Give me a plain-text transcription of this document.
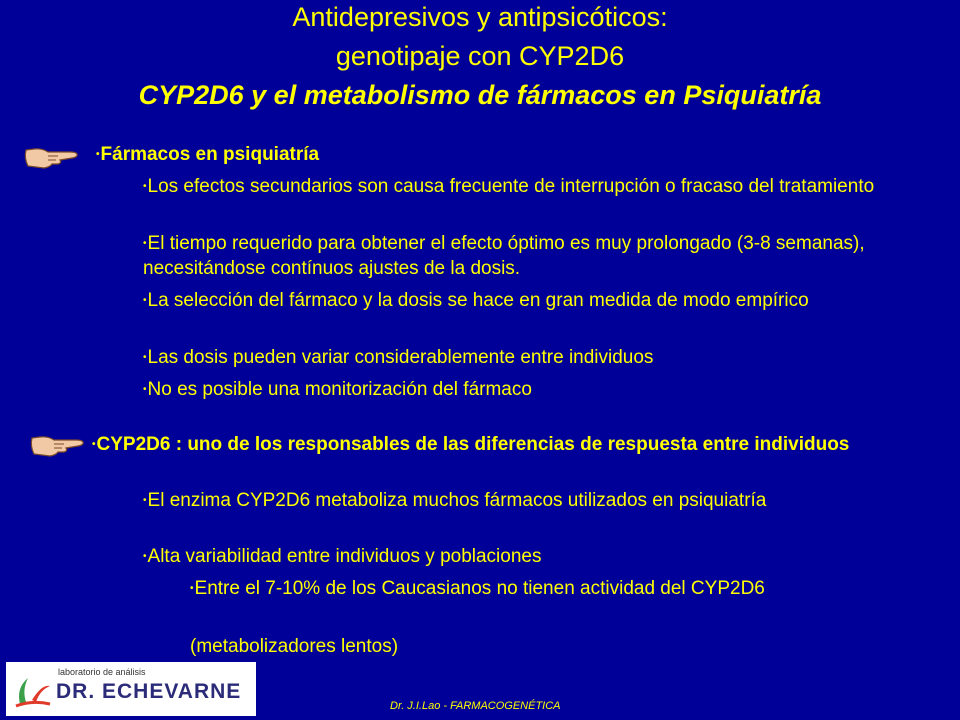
Antidepresivos y antipsicóticos:
genotipaje con CYP2D6
CYP2D6 y el metabolismo de fármacos en Psiquiatría
•Fármacos en psiquiatría
•Los efectos secundarios son causa frecuente de interrupción o fracaso del tratamiento
•El tiempo requerido para obtener el efecto óptimo es muy prolongado (3-8 semanas), necesitándose contínuos ajustes de la dosis.
•La selección del fármaco y la dosis se hace en gran medida de modo empírico
•Las dosis pueden variar considerablemente entre individuos
•No es posible una monitorización del fármaco
•CYP2D6 : uno de los responsables de las diferencias de respuesta entre individuos
•El enzima CYP2D6 metaboliza muchos fármacos utilizados en psiquiatría
•Alta variabilidad entre individuos y poblaciones
•Entre el 7-10% de los Caucasianos no tienen actividad del CYP2D6
(metabolizadores lentos)
laboratorio de análisis
DR. ECHEVARNE
Dr. J.I.Lao - FARMACOGENÉTICA
